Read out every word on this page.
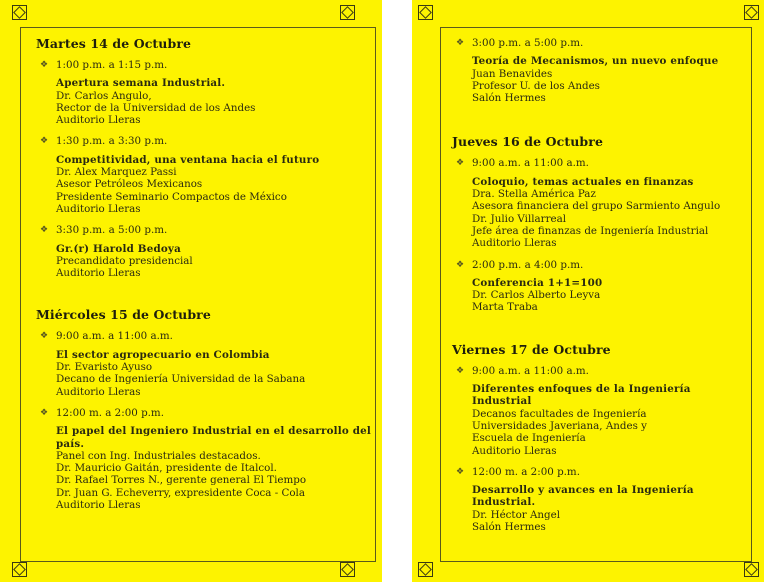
Martes 14 de Octubre
❖ 1:00 p.m. a 1:15 p.m.
Apertura semana Industrial.
Dr. Carlos Angulo,
Rector de la Universidad de los Andes
Auditorio Lleras
❖ 1:30 p.m. a 3:30 p.m.
Competitividad, una ventana hacia el futuro
Dr. Alex Marquez Passi
Asesor Petróleos Mexicanos
Presidente Seminario Compactos de México
Auditorio Lleras
❖ 3:30 p.m. a 5:00 p.m.
Gr.(r) Harold Bedoya
Precandidato presidencial
Auditorio Lleras
Miércoles 15 de Octubre
❖ 9:00 a.m. a 11:00 a.m.
El sector agropecuario en Colombia
Dr. Evaristo Ayuso
Decano de Ingeniería Universidad de la Sabana
Auditorio Lleras
❖ 12:00 m. a 2:00 p.m.
El papel del Ingeniero Industrial en el desarrollo del país.
Panel con Ing. Industriales destacados.
Dr. Mauricio Gaitán, presidente de Italcol.
Dr. Rafael Torres N., gerente general El Tiempo
Dr. Juan G. Echeverry, expresidente Coca - Cola
Auditorio Lleras
❖ 3:00 p.m. a 5:00 p.m.
Teoría de Mecanismos, un nuevo enfoque
Juan Benavides
Profesor U. de los Andes
Salón Hermes
Jueves 16 de Octubre
❖ 9:00 a.m. a 11:00 a.m.
Coloquio, temas actuales en finanzas
Dra. Stella América Paz
Asesora financiera del grupo Sarmiento Angulo
Dr. Julio Villarreal
Jefe área de finanzas de Ingeniería Industrial
Auditorio Lleras
❖ 2:00 p.m. a 4:00 p.m.
Conferencia 1+1=100
Dr. Carlos Alberto Leyva
Marta Traba
Viernes 17 de Octubre
❖ 9:00 a.m. a 11:00 a.m.
Diferentes enfoques de la Ingeniería Industrial
Decanos facultades de Ingeniería
Universidades Javeriana, Andes y
Escuela de Ingeniería
Auditorio Lleras
❖ 12:00 m. a 2:00 p.m.
Desarrollo y avances en la Ingeniería Industrial.
Dr. Héctor Angel
Salón Hermes
